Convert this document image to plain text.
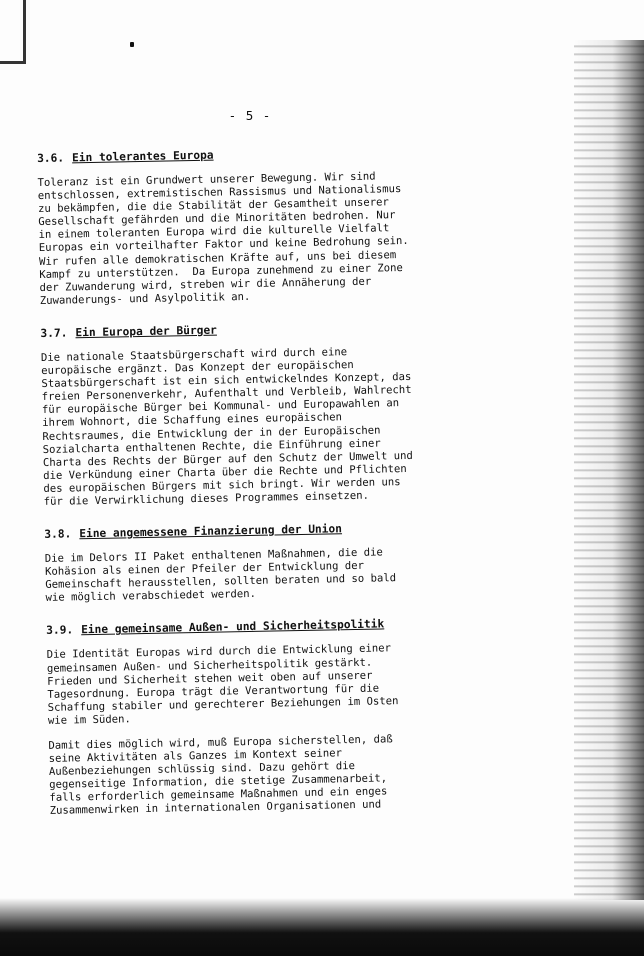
- 5 -
3.6. Ein tolerantes Europa
Toleranz ist ein Grundwert unserer Bewegung. Wir sind
entschlossen, extremistischen Rassismus und Nationalismus
zu bekämpfen, die die Stabilität der Gesamtheit unserer
Gesellschaft gefährden und die Minoritäten bedrohen. Nur
in einem toleranten Europa wird die kulturelle Vielfalt
Europas ein vorteilhafter Faktor und keine Bedrohung sein.
Wir rufen alle demokratischen Kräfte auf, uns bei diesem
Kampf zu unterstützen.  Da Europa zunehmend zu einer Zone
der Zuwanderung wird, streben wir die Annäherung der
Zuwanderungs- und Asylpolitik an.
3.7. Ein Europa der Bürger
Die nationale Staatsbürgerschaft wird durch eine
europäische ergänzt. Das Konzept der europäischen
Staatsbürgerschaft ist ein sich entwickelndes Konzept, das
freien Personenverkehr, Aufenthalt und Verbleib, Wahlrecht
für europäische Bürger bei Kommunal- und Europawahlen an
ihrem Wohnort, die Schaffung eines europäischen
Rechtsraumes, die Entwicklung der in der Europäischen
Sozialcharta enthaltenen Rechte, die Einführung einer
Charta des Rechts der Bürger auf den Schutz der Umwelt und
die Verkündung einer Charta über die Rechte und Pflichten
des europäischen Bürgers mit sich bringt. Wir werden uns
für die Verwirklichung dieses Programmes einsetzen.
3.8. Eine angemessene Finanzierung der Union
Die im Delors II Paket enthaltenen Maßnahmen, die die
Kohäsion als einen der Pfeiler der Entwicklung der
Gemeinschaft herausstellen, sollten beraten und so bald
wie möglich verabschiedet werden.
3.9. Eine gemeinsame Außen- und Sicherheitspolitik
Die Identität Europas wird durch die Entwicklung einer
gemeinsamen Außen- und Sicherheitspolitik gestärkt.
Frieden und Sicherheit stehen weit oben auf unserer
Tagesordnung. Europa trägt die Verantwortung für die
Schaffung stabiler und gerechterer Beziehungen im Osten
wie im Süden.
Damit dies möglich wird, muß Europa sicherstellen, daß
seine Aktivitäten als Ganzes im Kontext seiner
Außenbeziehungen schlüssig sind. Dazu gehört die
gegenseitige Information, die stetige Zusammenarbeit,
falls erforderlich gemeinsame Maßnahmen und ein enges
Zusammenwirken in internationalen Organisationen und
